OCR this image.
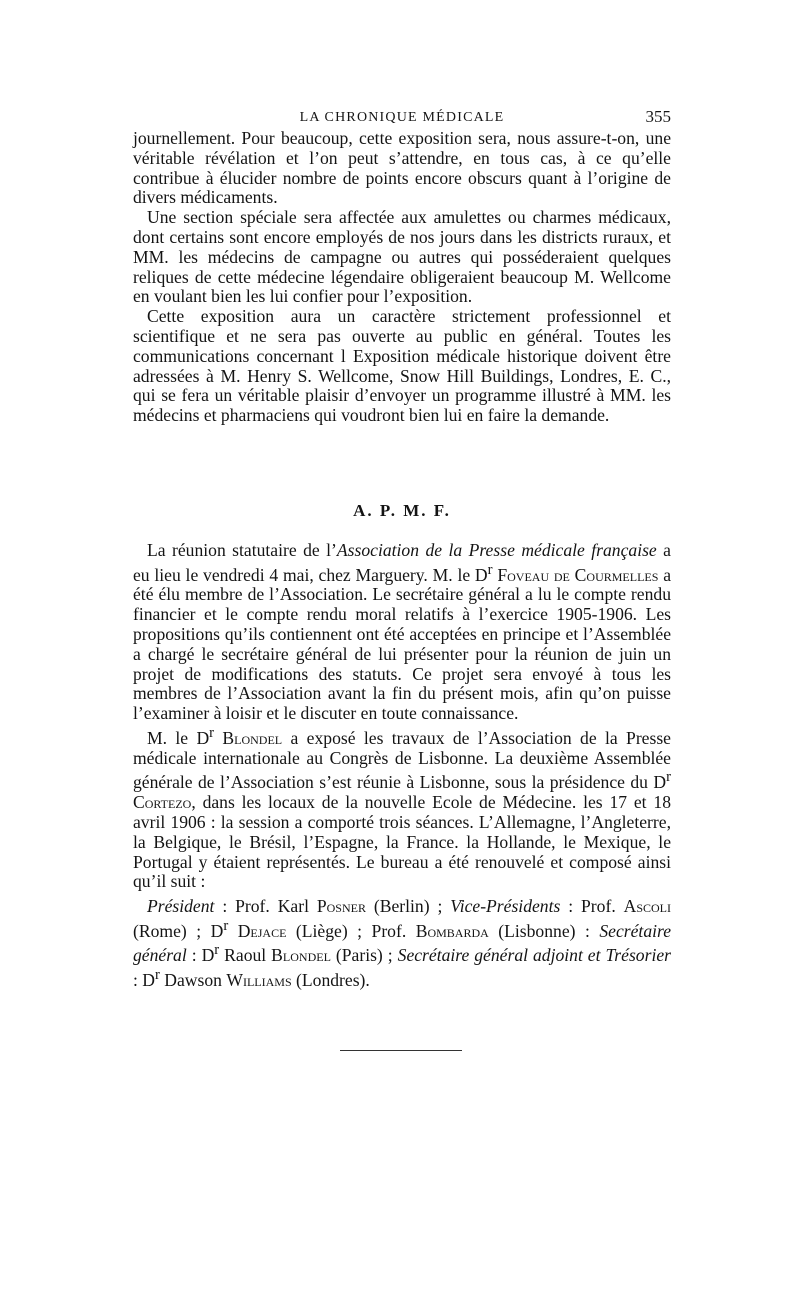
LA CHRONIQUE MÉDICALE	355

journellement. Pour beaucoup, cette exposition sera, nous assure-t-on, une véritable révélation et l’on peut s’attendre, en tous cas, à ce qu’elle contribue à élucider nombre de points encore obscurs quant à l’origine de divers médicaments.

Une section spéciale sera affectée aux amulettes ou charmes médicaux, dont certains sont encore employés de nos jours dans les districts ruraux, et MM. les médecins de campagne ou autres qui posséderaient quelques reliques de cette médecine légendaire obligeraient beaucoup M. Wellcome en voulant bien les lui confier pour l’exposition.

Cette exposition aura un caractère strictement professionnel et scientifique et ne sera pas ouverte au public en général. Toutes les communications concernant l Exposition médicale historique doivent être adressées à M. Henry S. Wellcome, Snow Hill Buildings, Londres, E. C., qui se fera un véritable plaisir d’envoyer un programme illustré à MM. les médecins et pharmaciens qui voudront bien lui en faire la demande.

A. P. M. F.

La réunion statutaire de l’Association de la Presse médicale française a eu lieu le vendredi 4 mai, chez Marguery. M. le $D^r$ Foveau de Courmelles a été élu membre de l’Association. Le secrétaire général a lu le compte rendu financier et le compte rendu moral relatifs à l’exercice 1905-1906. Les propositions qu’ils contiennent ont été acceptées en principe et l’Assemblée a chargé le secrétaire général de lui présenter pour la réunion de juin un projet de modifications des statuts. Ce projet sera envoyé à tous les membres de l’Association avant la fin du présent mois, afin qu’on puisse l’examiner à loisir et le discuter en toute connaissance.

M. le $D^r$ Blondel a exposé les travaux de l’Association de la Presse médicale internationale au Congrès de Lisbonne. La deuxième Assemblée générale de l’Association s’est réunie à Lisbonne, sous la présidence du $D^r$ Cortezo, dans les locaux de la nouvelle Ecole de Médecine. les 17 et 18 avril 1906 : la session a comporté trois séances. L’Allemagne, l’Angleterre, la Belgique, le Brésil, l’Espagne, la France. la Hollande, le Mexique, le Portugal y étaient représentés. Le bureau a été renouvelé et composé ainsi qu’il suit :

Président : Prof. Karl Posner (Berlin) ; Vice-Présidents : Prof. Ascoli (Rome) ; $D^r$ Dejace (Liège) ; Prof. Bombarda (Lisbonne) : Secrétaire général : $D^r$ Raoul Blondel (Paris) ; Secrétaire général adjoint et Trésorier : $D^r$ Dawson Williams (Londres).
